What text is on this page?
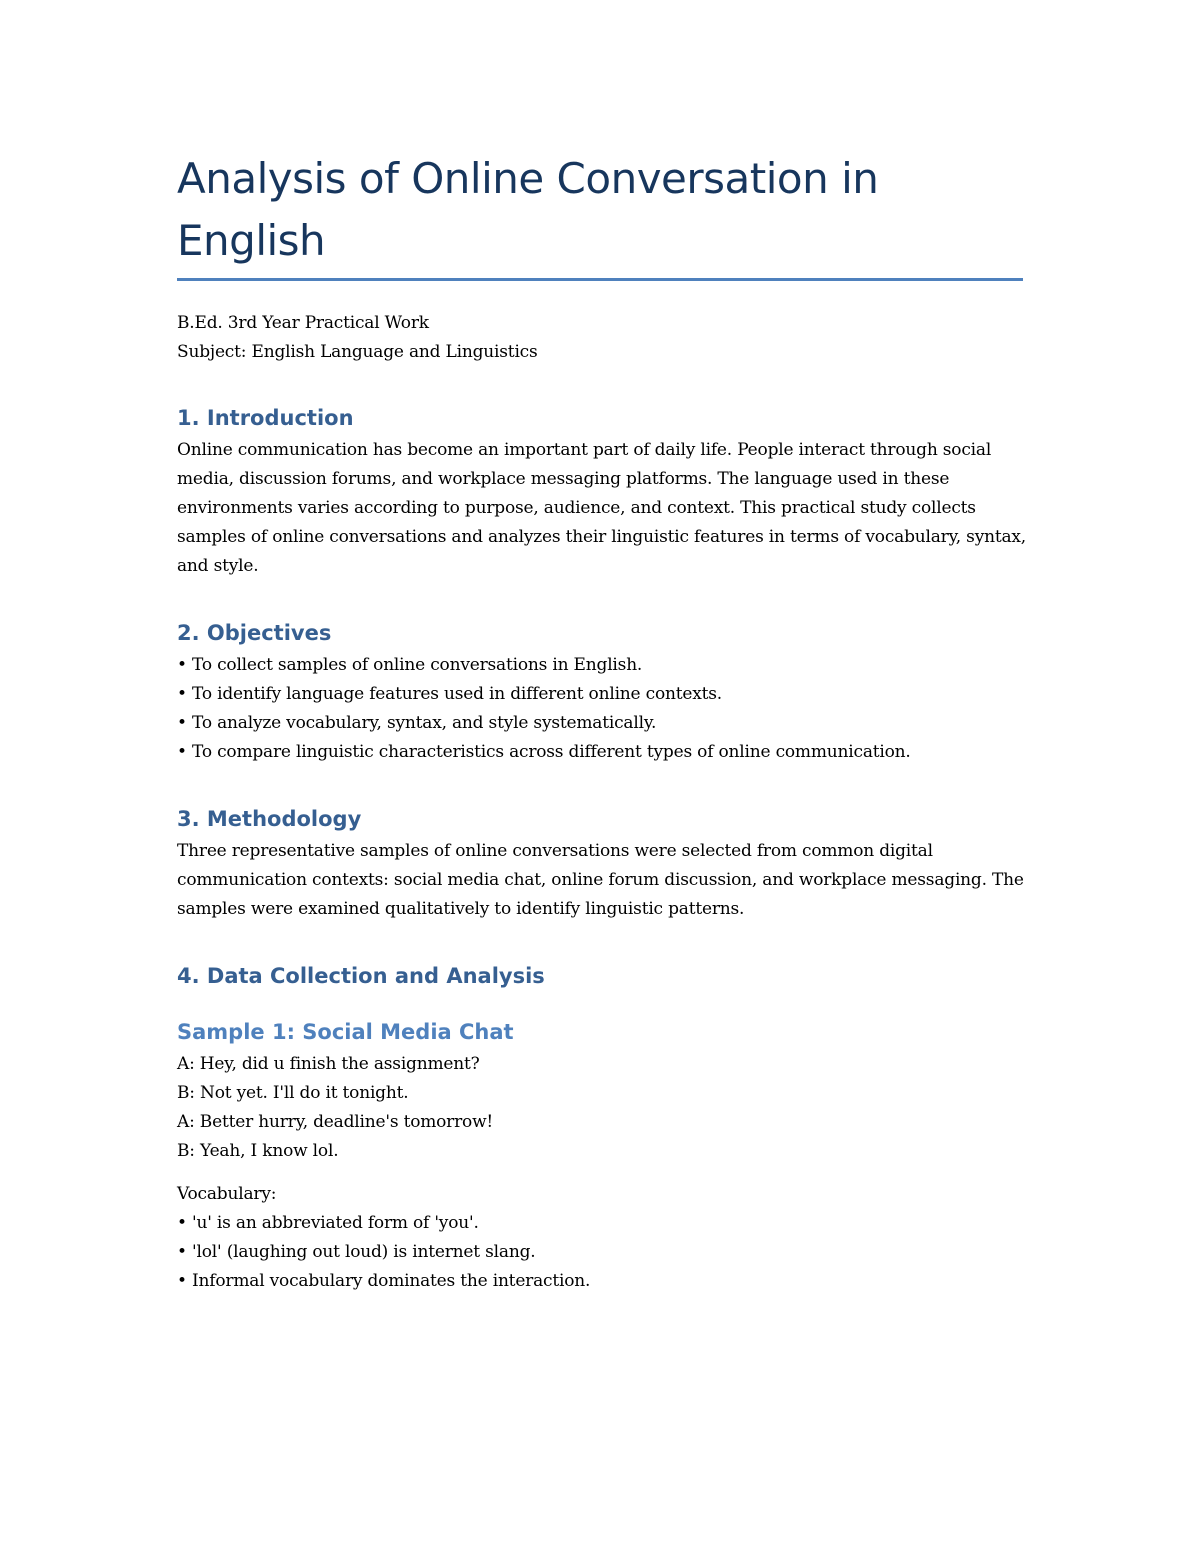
Analysis of Online Conversation in English
B.Ed. 3rd Year Practical Work
Subject: English Language and Linguistics
1. Introduction
Online communication has become an important part of daily life. People interact through social media, discussion forums, and workplace messaging platforms. The language used in these environments varies according to purpose, audience, and context. This practical study collects samples of online conversations and analyzes their linguistic features in terms of vocabulary, syntax, and style.
2. Objectives
• To collect samples of online conversations in English.
• To identify language features used in different online contexts.
• To analyze vocabulary, syntax, and style systematically.
• To compare linguistic characteristics across different types of online communication.
3. Methodology
Three representative samples of online conversations were selected from common digital communication contexts: social media chat, online forum discussion, and workplace messaging. The samples were examined qualitatively to identify linguistic patterns.
4. Data Collection and Analysis
Sample 1: Social Media Chat
A: Hey, did u finish the assignment?
B: Not yet. I'll do it tonight.
A: Better hurry, deadline's tomorrow!
B: Yeah, I know lol.
Vocabulary:
• 'u' is an abbreviated form of 'you'.
• 'lol' (laughing out loud) is internet slang.
• Informal vocabulary dominates the interaction.
